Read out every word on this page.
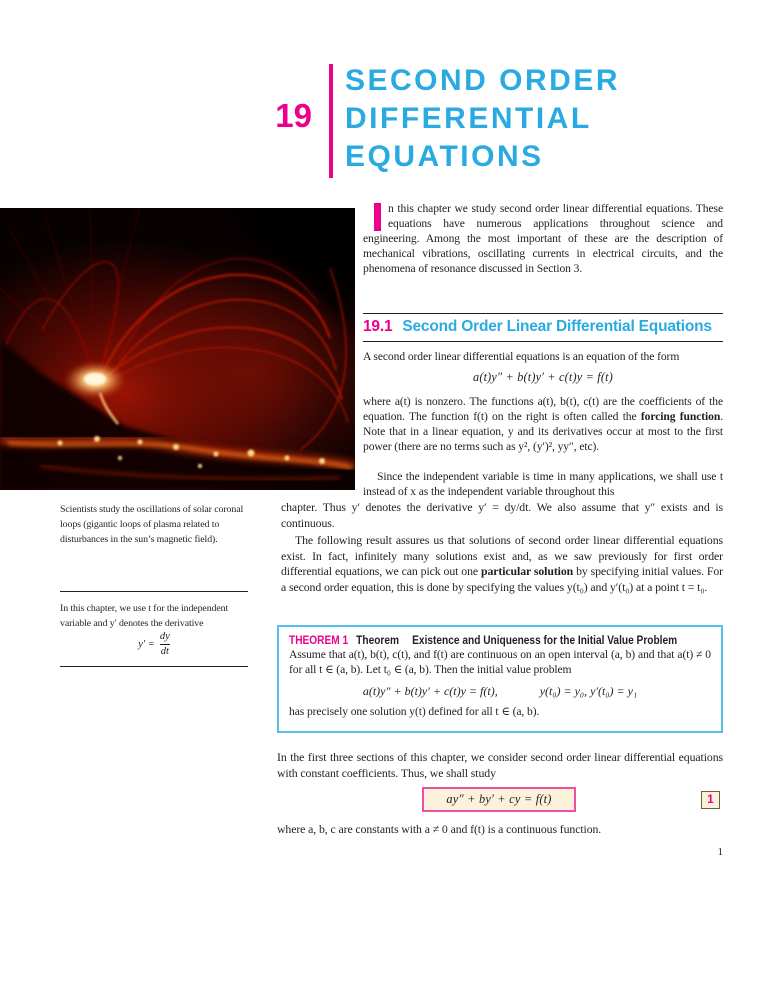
19
SECOND ORDER
DIFFERENTIAL
EQUATIONS
n this chapter we study second order linear differential equations. These equations have numerous applications throughout science and engineering. Among the most important of these are the description of mechanical vibrations, oscillating currents in electrical circuits, and the phenomena of resonance discussed in Section 3.
19.1 Second Order Linear Differential Equations
A second order linear differential equations is an equation of the form
a(t)y″ + b(t)y′ + c(t)y = f(t)
where a(t) is nonzero. The functions a(t), b(t), c(t) are the coefficients of the equation. The function f(t) on the right is often called the forcing function. Note that in a linear equation, y and its derivatives occur at most to the first power (there are no terms such as y², (y′)², yy″, etc).
Since the independent variable is time in many applications, we shall use t instead of x as the independent variable throughout this
chapter. Thus y′ denotes the derivative y′ = dy/dt. We also assume that y″ exists and is continuous.
The following result assures us that solutions of second order linear differential equations exist. In fact, infinitely many solutions exist and, as we saw previously for first order differential equations, we can pick out one particular solution by specifying initial values. For a second order equation, this is done by specifying the values y(t₀) and y′(t₀) at a point t = t₀.
Scientists study the oscillations of solar coronal loops (gigantic loops of plasma related to disturbances in the sun’s magnetic field).
In this chapter, we use t for the independent variable and y′ denotes the derivative
$y' = \frac{dy}{dt}$	THEOREM 1 Theorem Existence and Uniqueness for the Initial Value Problem
Assume that a(t), b(t), c(t), and f(t) are continuous on an open interval (a, b) and that a(t) ≠ 0 for all t ∈ (a, b). Let t₀ ∈ (a, b). Then the initial value problem
a(t)y″ + b(t)y′ + c(t)y = f(t),	y(t₀) = y₀, y′(t₀) = y₁
has precisely one solution y(t) defined for all t ∈ (a, b).
In the first three sections of this chapter, we consider second order linear differential equations with constant coefficients. Thus, we shall study
ay″ + by′ + cy = f(t)	1
where a, b, c are constants with a ≠ 0 and f(t) is a continuous function.
1
